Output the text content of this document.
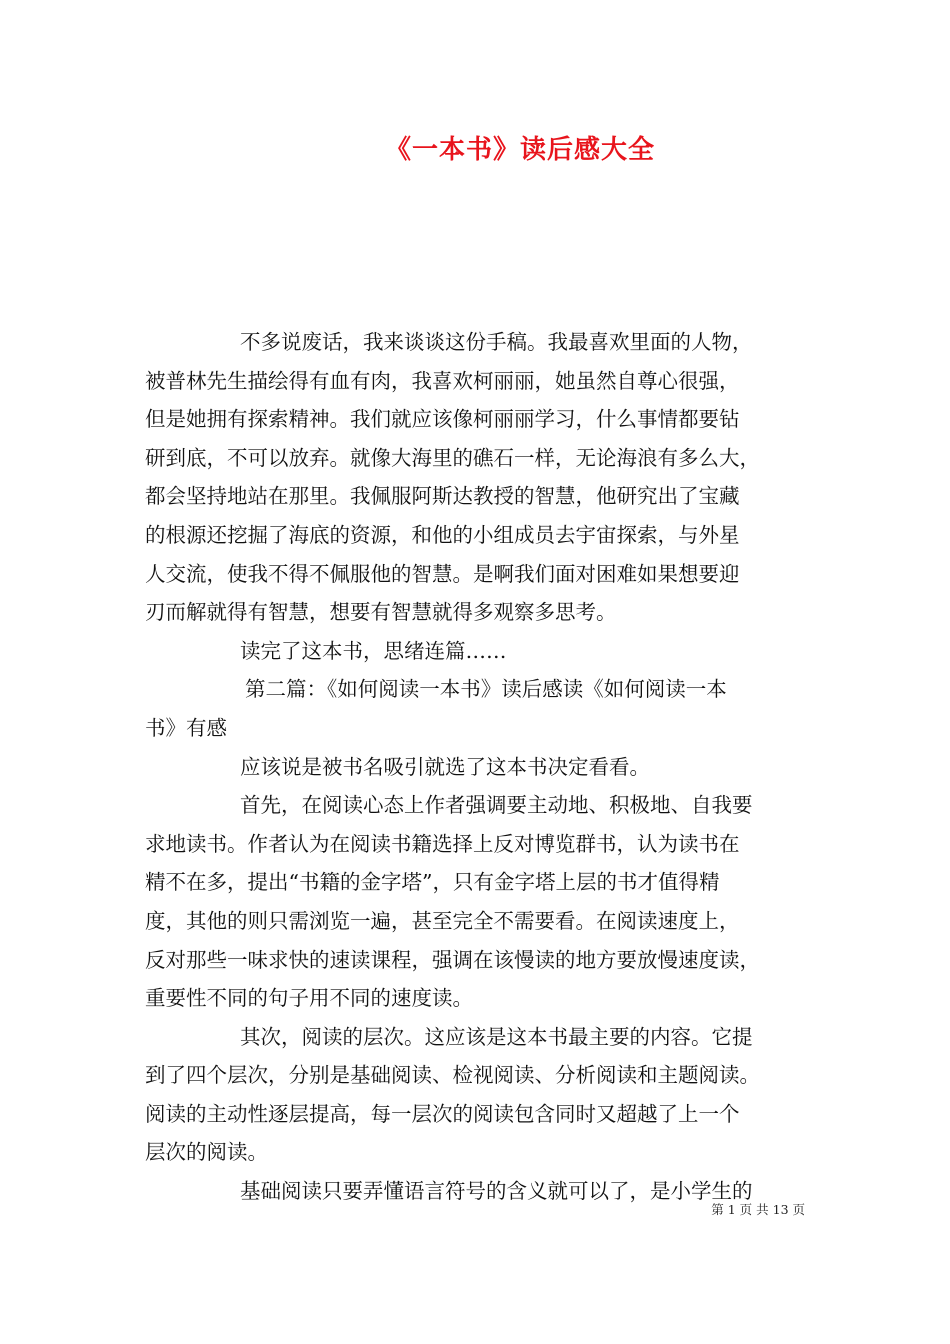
《一本书》读后感大全
不多说废话，我来谈谈这份手稿。我最喜欢里面的人物，
被普林先生描绘得有血有肉，我喜欢柯丽丽，她虽然自尊心很强，
但是她拥有探索精神。我们就应该像柯丽丽学习，什么事情都要钻
研到底，不可以放弃。就像大海里的礁石一样，无论海浪有多么大，
都会坚持地站在那里。我佩服阿斯达教授的智慧，他研究出了宝藏
的根源还挖掘了海底的资源，和他的小组成员去宇宙探索，与外星
人交流，使我不得不佩服他的智慧。是啊我们面对困难如果想要迎
刃而解就得有智慧，想要有智慧就得多观察多思考。
读完了这本书，思绪连篇……
第二篇：《如何阅读一本书》读后感读《如何阅读一本
书》有感
应该说是被书名吸引就选了这本书决定看看。
首先，在阅读心态上作者强调要主动地、积极地、自我要
求地读书。作者认为在阅读书籍选择上反对博览群书，认为读书在
精不在多，提出“书籍的金字塔”，只有金字塔上层的书才值得精
度，其他的则只需浏览一遍，甚至完全不需要看。在阅读速度上，
反对那些一味求快的速读课程，强调在该慢读的地方要放慢速度读，
重要性不同的句子用不同的速度读。
其次，阅读的层次。这应该是这本书最主要的内容。它提
到了四个层次，分别是基础阅读、检视阅读、分析阅读和主题阅读。
阅读的主动性逐层提高，每一层次的阅读包含同时又超越了上一个
层次的阅读。
基础阅读只要弄懂语言符号的含义就可以了，是小学生的
第 1 页 共 13 页
